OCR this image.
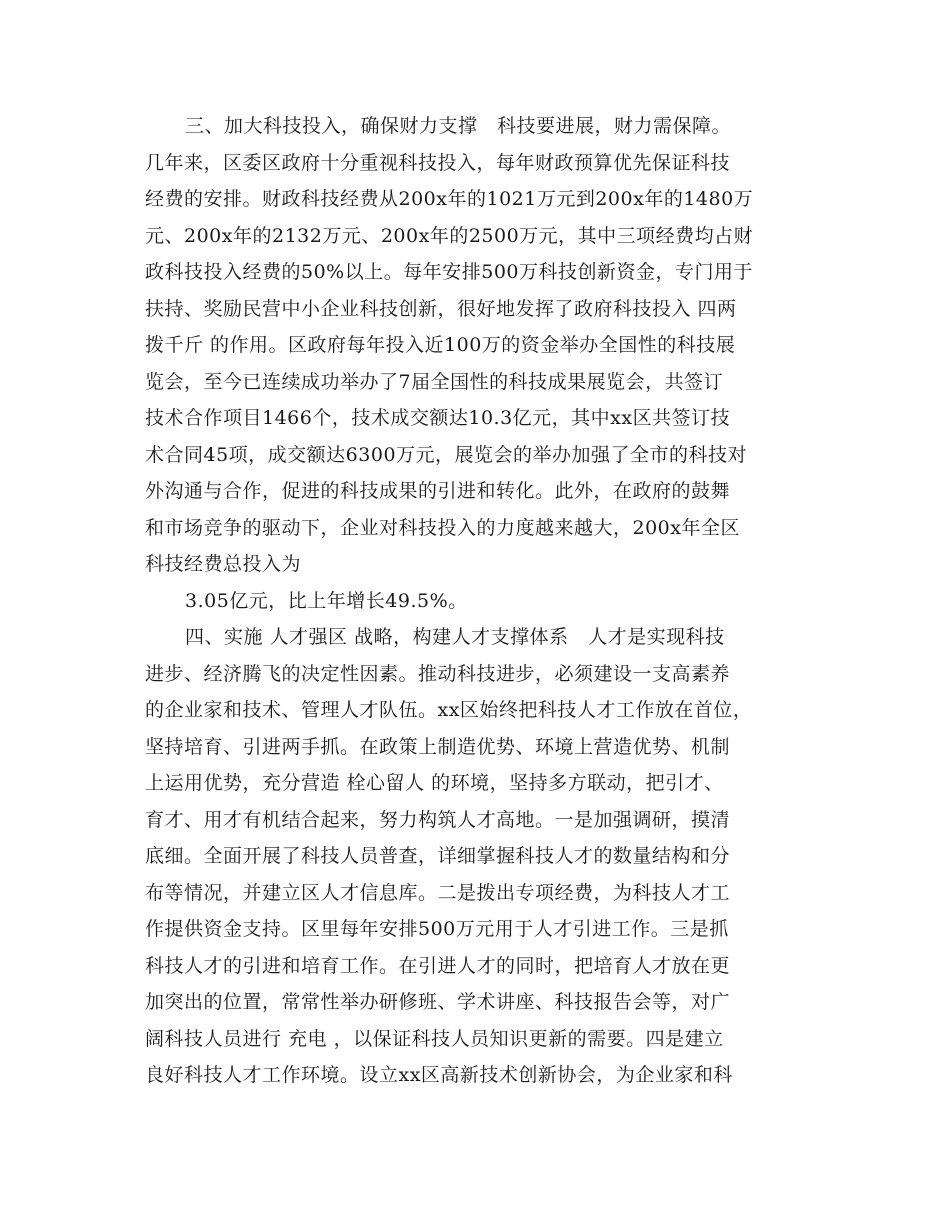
三、加大科技投入，确保财力支撑　科技要进展，财力需保障。
几年来，区委区政府十分重视科技投入，每年财政预算优先保证科技
经费的安排。财政科技经费从200x年的1021万元到200x年的1480万
元、200x年的2132万元、200x年的2500万元，其中三项经费均占财
政科技投入经费的50%以上。每年安排500万科技创新资金，专门用于
扶持、奖励民营中小企业科技创新，很好地发挥了政府科技投入 四两
拨千斤 的作用。区政府每年投入近100万的资金举办全国性的科技展
览会，至今已连续成功举办了7届全国性的科技成果展览会，共签订
技术合作项目1466个，技术成交额达10.3亿元，其中xx区共签订技
术合同45项，成交额达6300万元，展览会的举办加强了全市的科技对
外沟通与合作，促进的科技成果的引进和转化。此外，在政府的鼓舞
和市场竞争的驱动下，企业对科技投入的力度越来越大，200x年全区
科技经费总投入为
3.05亿元，比上年增长49.5%。
四、实施 人才强区 战略，构建人才支撑体系　人才是实现科技
进步、经济腾飞的决定性因素。推动科技进步，必须建设一支高素养
的企业家和技术、管理人才队伍。xx区始终把科技人才工作放在首位，
坚持培育、引进两手抓。在政策上制造优势、环境上营造优势、机制
上运用优势，充分营造 栓心留人 的环境，坚持多方联动，把引才、
育才、用才有机结合起来，努力构筑人才高地。一是加强调研，摸清
底细。全面开展了科技人员普查，详细掌握科技人才的数量结构和分
布等情况，并建立区人才信息库。二是拨出专项经费，为科技人才工
作提供资金支持。区里每年安排500万元用于人才引进工作。三是抓
科技人才的引进和培育工作。在引进人才的同时，把培育人才放在更
加突出的位置，常常性举办研修班、学术讲座、科技报告会等，对广
阔科技人员进行 充电 ，以保证科技人员知识更新的需要。四是建立
良好科技人才工作环境。设立xx区高新技术创新协会，为企业家和科
